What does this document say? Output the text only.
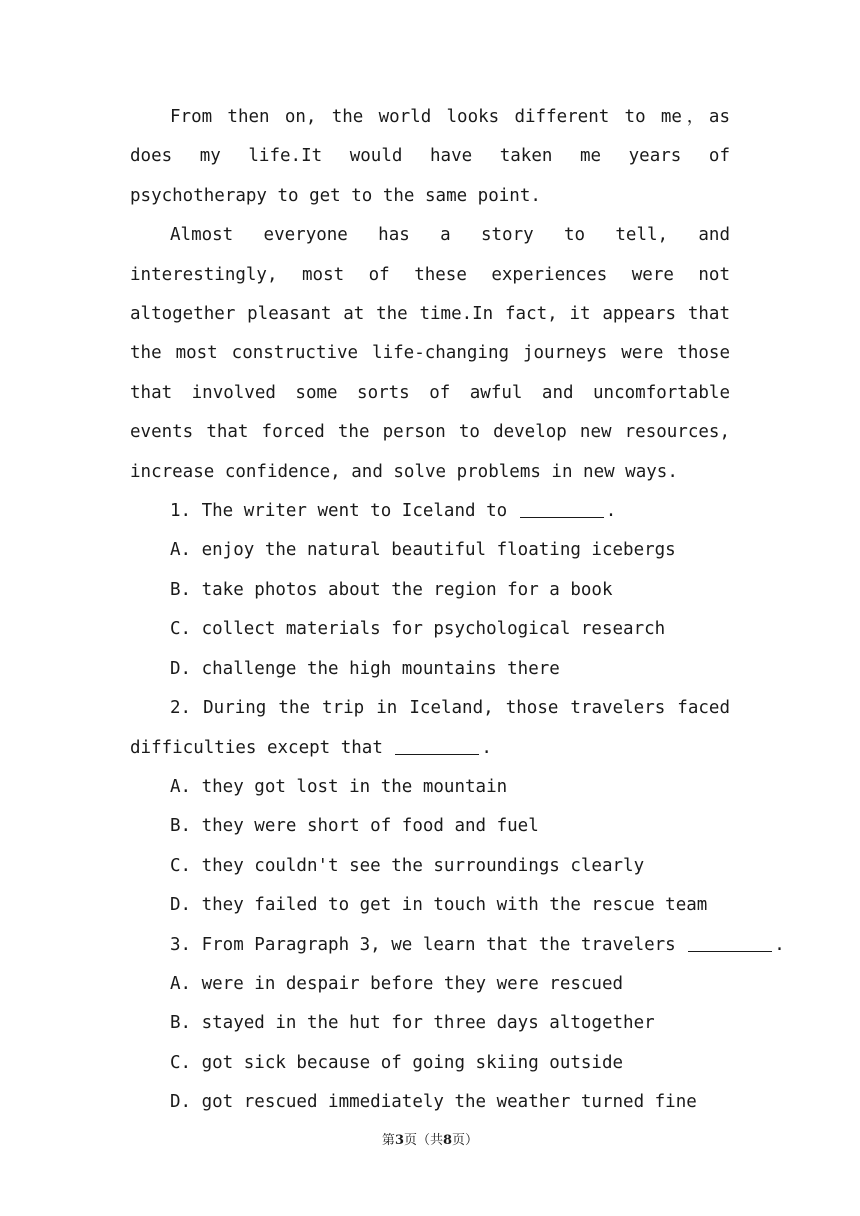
From then on, the world looks different to me，as does my life.It would have taken me years of psychotherapy to get to the same point.

Almost everyone has a story to tell, and interestingly, most of these experiences were not altogether pleasant at the time.In fact, it appears that the most constructive life-changing journeys were those that involved some sorts of awful and uncomfortable events that forced the person to develop new resources, increase confidence, and solve problems in new ways.

1. The writer went to Iceland to	.

A. enjoy the natural beautiful floating icebergs

B. take photos about the region for a book

C. collect materials for psychological research

D. challenge the high mountains there

2. During the trip in Iceland, those travelers faced difficulties except that	.

A. they got lost in the mountain

B. they were short of food and fuel

C. they couldn't see the surroundings clearly

D. they failed to get in touch with the rescue team

3. From Paragraph 3, we learn that the travelers	.

A. were in despair before they were rescued

B. stayed in the hut for three days altogether

C. got sick because of going skiing outside

D. got rescued immediately the weather turned fine

第3页（共8页）
